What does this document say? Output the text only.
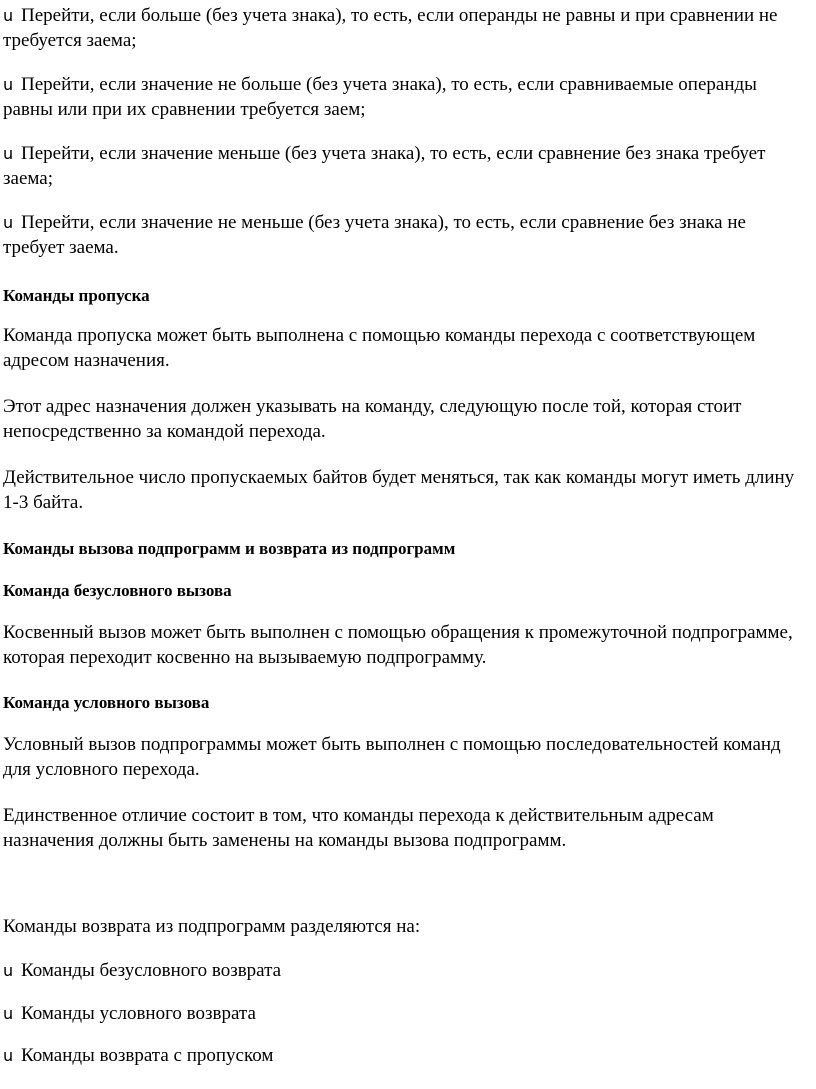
u Перейти, если больше (без учета знака), то есть, если операнды не равны и при сравнении не требуется заема;

u Перейти, если значение не больше (без учета знака), то есть, если сравниваемые операнды равны или при их сравнении требуется заем;

u Перейти, если значение меньше (без учета знака), то есть, если сравнение без знака требует заема;

u Перейти, если значение не меньше (без учета знака), то есть, если сравнение без знака не требует заема.

Команды пропуска

Команда пропуска может быть выполнена с помощью команды перехода с соответствующем адресом назначения.

Этот адрес назначения должен указывать на команду, следующую после той, которая стоит непосредственно за командой перехода.

Действительное число пропускаемых байтов будет меняться, так как команды могут иметь длину 1-3 байта.

Команды вызова подпрограмм и возврата из подпрограмм

Команда безусловного вызова

Косвенный вызов может быть выполнен с помощью обращения к промежуточной подпрограмме, которая переходит косвенно на вызываемую подпрограмму.

Команда условного вызова

Условный вызов подпрограммы может быть выполнен с помощью последовательностей команд для условного перехода.

Единственное отличие состоит в том, что команды перехода к действительным адресам назначения должны быть заменены на команды вызова подпрограмм.

Команды возврата из подпрограмм разделяются на:

u Команды безусловного возврата

u Команды условного возврата

u Команды возврата с пропуском
